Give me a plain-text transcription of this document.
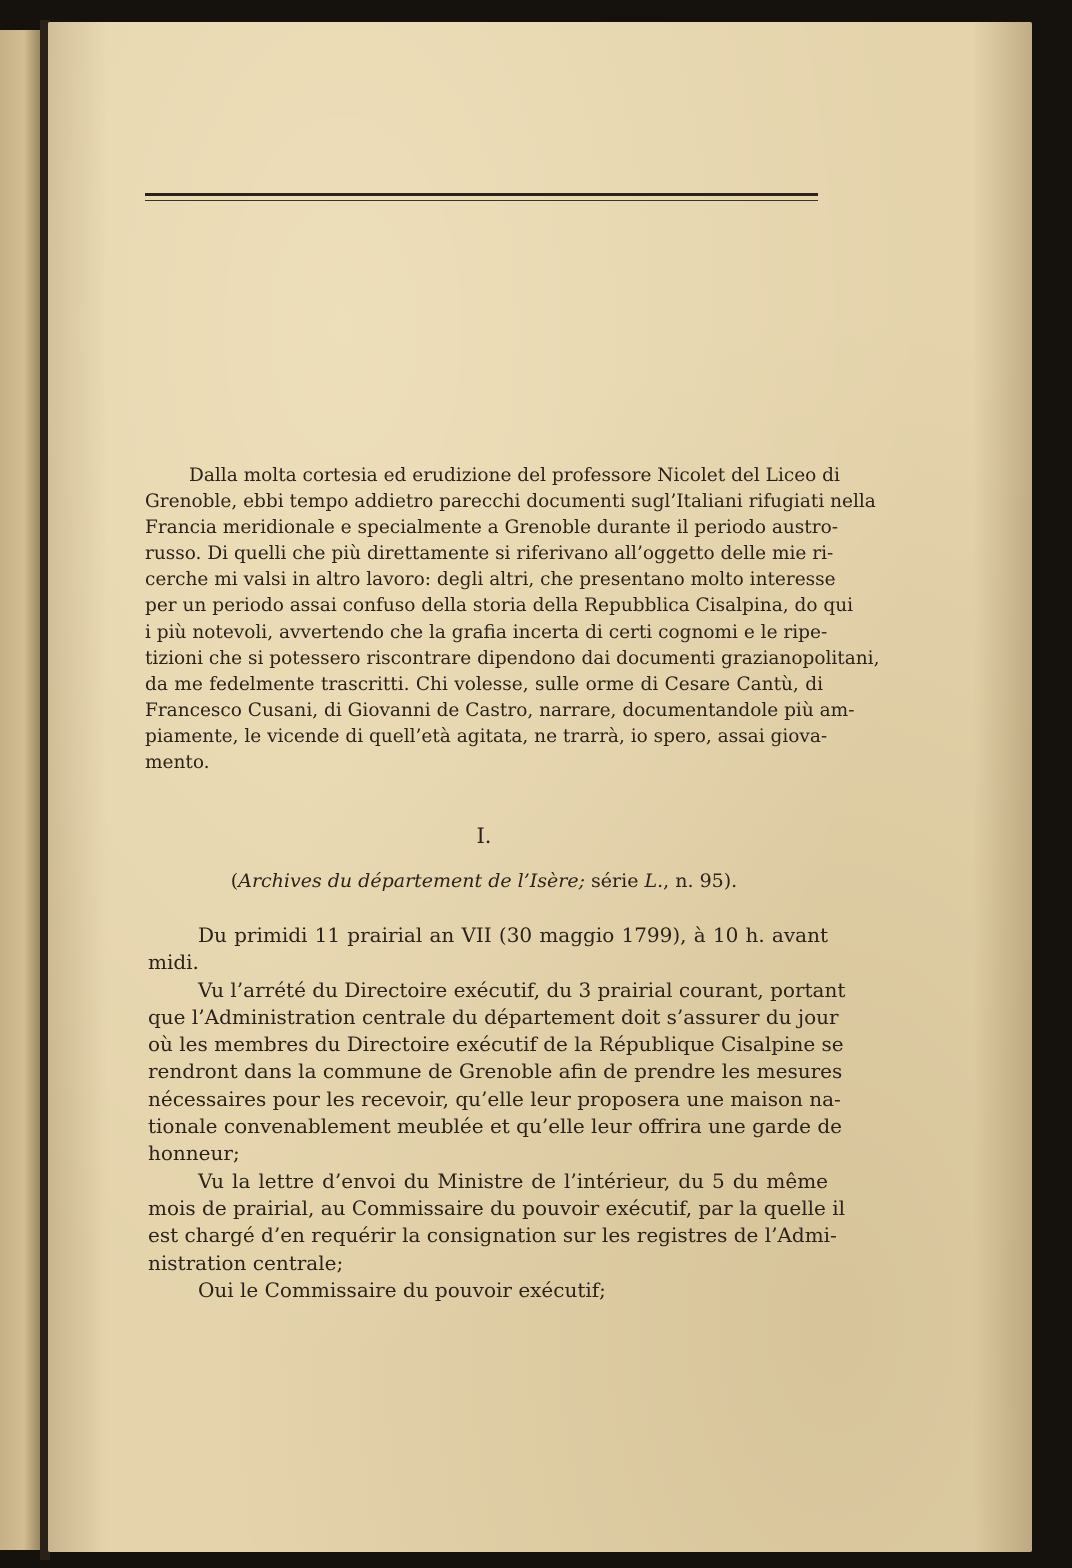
Dalla molta cortesia ed erudizione del professore Nicolet del Liceo di
Grenoble, ebbi tempo addietro parecchi documenti sugl’Italiani rifugiati nella
Francia meridionale e specialmente a Grenoble durante il periodo austro-
russo. Di quelli che più direttamente si riferivano all’oggetto delle mie ri-
cerche mi valsi in altro lavoro: degli altri, che presentano molto interesse
per un periodo assai confuso della storia della Repubblica Cisalpina, do qui
i più notevoli, avvertendo che la grafia incerta di certi cognomi e le ripe-
tizioni che si potessero riscontrare dipendono dai documenti grazianopolitani,
da me fedelmente trascritti. Chi volesse, sulle orme di Cesare Cantù, di
Francesco Cusani, di Giovanni de Castro, narrare, documentandole più am-
piamente, le vicende di quell’età agitata, ne trarrà, io spero, assai giova-
mento.
I.
(Archives du département de l’Isère; série L., n. 95).
Du primidi 11 prairial an VII (30 maggio 1799), à 10 h. avant
midi.
Vu l’arrété du Directoire exécutif, du 3 prairial courant, portant
que l’Administration centrale du département doit s’assurer du jour
où les membres du Directoire exécutif de la République Cisalpine se
rendront dans la commune de Grenoble afin de prendre les mesures
nécessaires pour les recevoir, qu’elle leur proposera une maison na-
tionale convenablement meublée et qu’elle leur offrira une garde de
honneur;
Vu la lettre d’envoi du Ministre de l’intérieur, du 5 du même
mois de prairial, au Commissaire du pouvoir exécutif, par la quelle il
est chargé d’en requérir la consignation sur les registres de l’Admi-
nistration centrale;
Oui le Commissaire du pouvoir exécutif;
